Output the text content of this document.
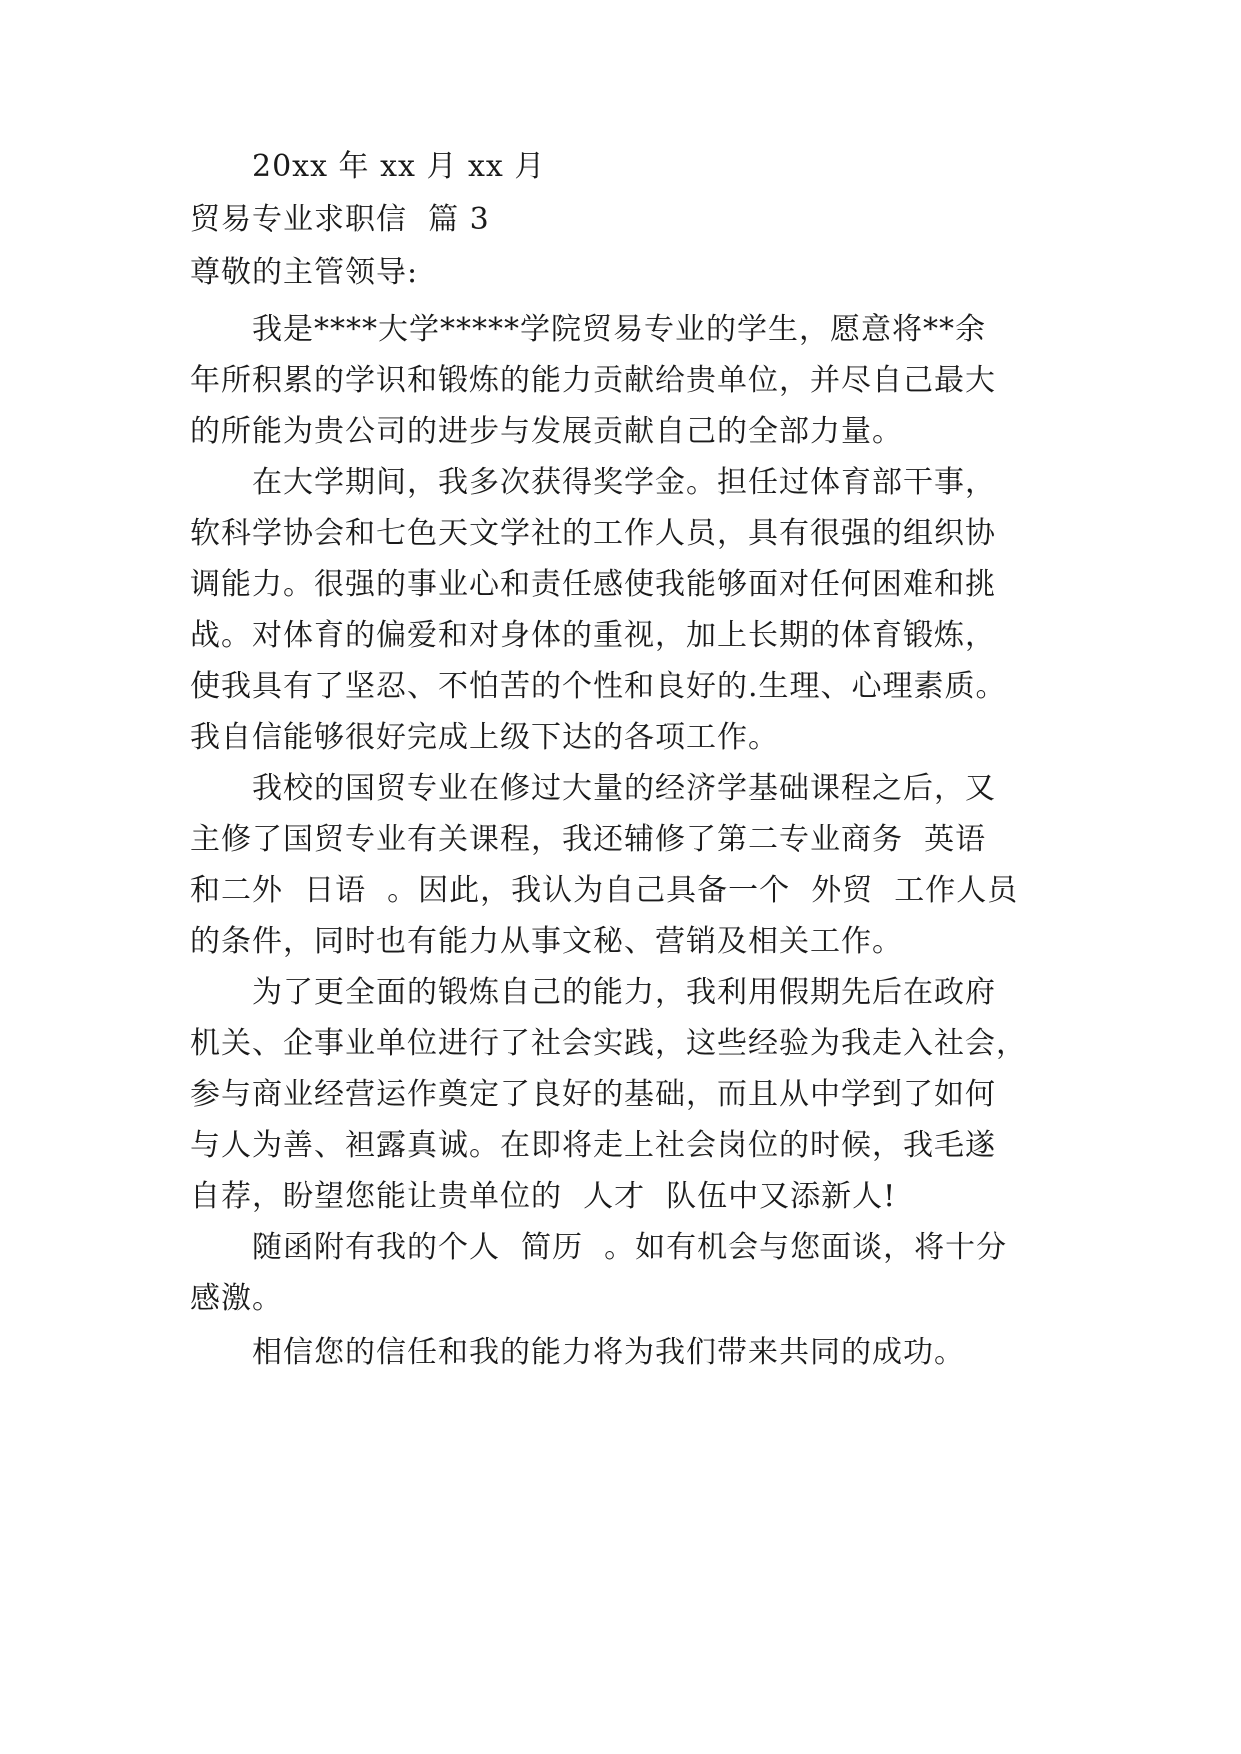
20xx 年 xx 月 xx 月
贸易专业求职信  篇 3
尊敬的主管领导:
我是****大学*****学院贸易专业的学生，愿意将**余
年所积累的学识和锻炼的能力贡献给贵单位，并尽自己最大
的所能为贵公司的进步与发展贡献自己的全部力量。
在大学期间，我多次获得奖学金。担任过体育部干事，
软科学协会和七色天文学社的工作人员，具有很强的组织协
调能力。很强的事业心和责任感使我能够面对任何困难和挑
战。对体育的偏爱和对身体的重视，加上长期的体育锻炼，
使我具有了坚忍、不怕苦的个性和良好的.生理、心理素质。
我自信能够很好完成上级下达的各项工作。
我校的国贸专业在修过大量的经济学基础课程之后，又
主修了国贸专业有关课程，我还辅修了第二专业商务  英语
和二外  日语  。因此，我认为自己具备一个  外贸  工作人员
的条件，同时也有能力从事文秘、营销及相关工作。
为了更全面的锻炼自己的能力，我利用假期先后在政府
机关、企事业单位进行了社会实践，这些经验为我走入社会，
参与商业经营运作奠定了良好的基础，而且从中学到了如何
与人为善、袒露真诚。在即将走上社会岗位的时候，我毛遂
自荐，盼望您能让贵单位的  人才  队伍中又添新人!
随函附有我的个人  简历  。如有机会与您面谈，将十分
感激。
相信您的信任和我的能力将为我们带来共同的成功。
